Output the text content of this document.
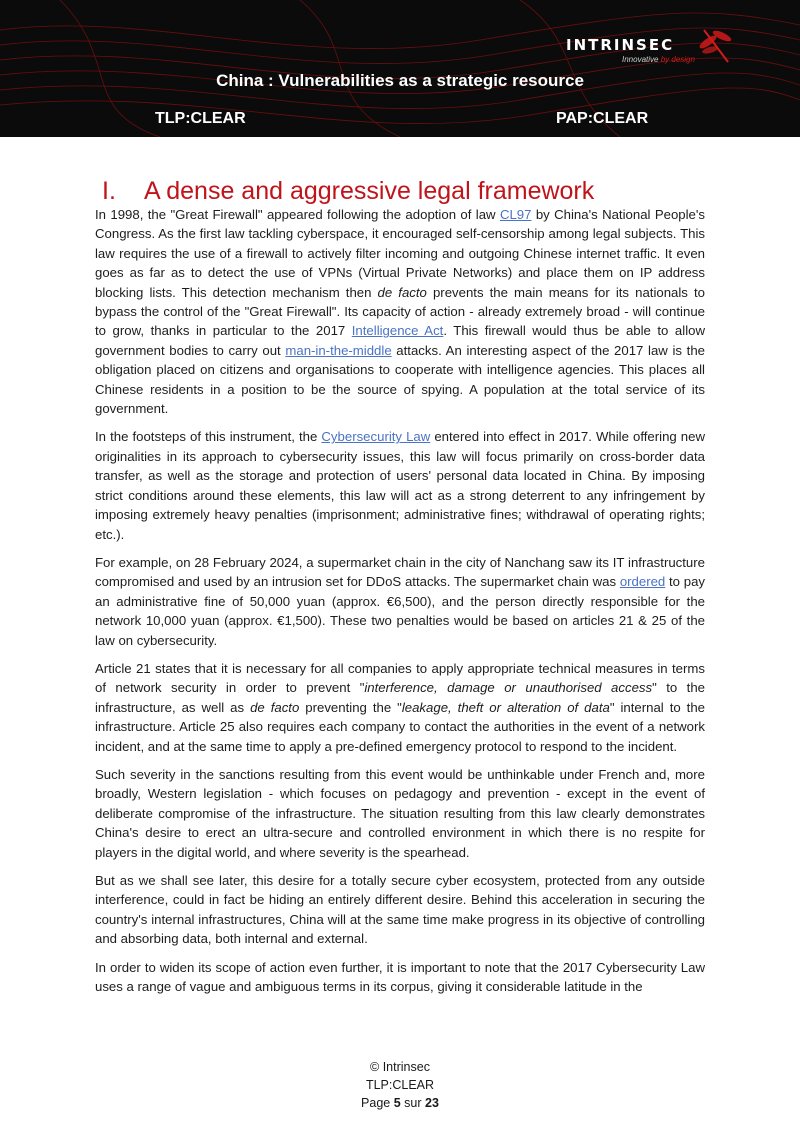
INTRINSEC
Innovative by design
China : Vulnerabilities as a strategic resource
TLP:CLEAR	PAP:CLEAR
I. A dense and aggressive legal framework

In 1998, the "Great Firewall" appeared following the adoption of law CL97 by China's National People's Congress. As the first law tackling cyberspace, it encouraged self-censorship among legal subjects. This law requires the use of a firewall to actively filter incoming and outgoing Chinese internet traffic. It even goes as far as to detect the use of VPNs (Virtual Private Networks) and place them on IP address blocking lists. This detection mechanism then de facto prevents the main means for its nationals to bypass the control of the "Great Firewall". Its capacity of action - already extremely broad - will continue to grow, thanks in particular to the 2017 Intelligence Act. This firewall would thus be able to allow government bodies to carry out man-in-the-middle attacks. An interesting aspect of the 2017 law is the obligation placed on citizens and organisations to cooperate with intelligence agencies. This places all Chinese residents in a position to be the source of spying. A population at the total service of its government.

In the footsteps of this instrument, the Cybersecurity Law entered into effect in 2017. While offering new originalities in its approach to cybersecurity issues, this law will focus primarily on cross-border data transfer, as well as the storage and protection of users' personal data located in China. By imposing strict conditions around these elements, this law will act as a strong deterrent to any infringement by imposing extremely heavy penalties (imprisonment; administrative fines; withdrawal of operating rights; etc.).

For example, on 28 February 2024, a supermarket chain in the city of Nanchang saw its IT infrastructure compromised and used by an intrusion set for DDoS attacks. The supermarket chain was ordered to pay an administrative fine of 50,000 yuan (approx. €6,500), and the person directly responsible for the network 10,000 yuan (approx. €1,500). These two penalties would be based on articles 21 & 25 of the law on cybersecurity.

Article 21 states that it is necessary for all companies to apply appropriate technical measures in terms of network security in order to prevent "interference, damage or unauthorised access" to the infrastructure, as well as de facto preventing the "leakage, theft or alteration of data" internal to the infrastructure. Article 25 also requires each company to contact the authorities in the event of a network incident, and at the same time to apply a pre-defined emergency protocol to respond to the incident.

Such severity in the sanctions resulting from this event would be unthinkable under French and, more broadly, Western legislation - which focuses on pedagogy and prevention - except in the event of deliberate compromise of the infrastructure. The situation resulting from this law clearly demonstrates China's desire to erect an ultra-secure and controlled environment in which there is no respite for players in the digital world, and where severity is the spearhead.

But as we shall see later, this desire for a totally secure cyber ecosystem, protected from any outside interference, could in fact be hiding an entirely different desire. Behind this acceleration in securing the country's internal infrastructures, China will at the same time make progress in its objective of controlling and absorbing data, both internal and external.

In order to widen its scope of action even further, it is important to note that the 2017 Cybersecurity Law uses a range of vague and ambiguous terms in its corpus, giving it considerable latitude in the

© Intrinsec
TLP:CLEAR
Page 5 sur 23
